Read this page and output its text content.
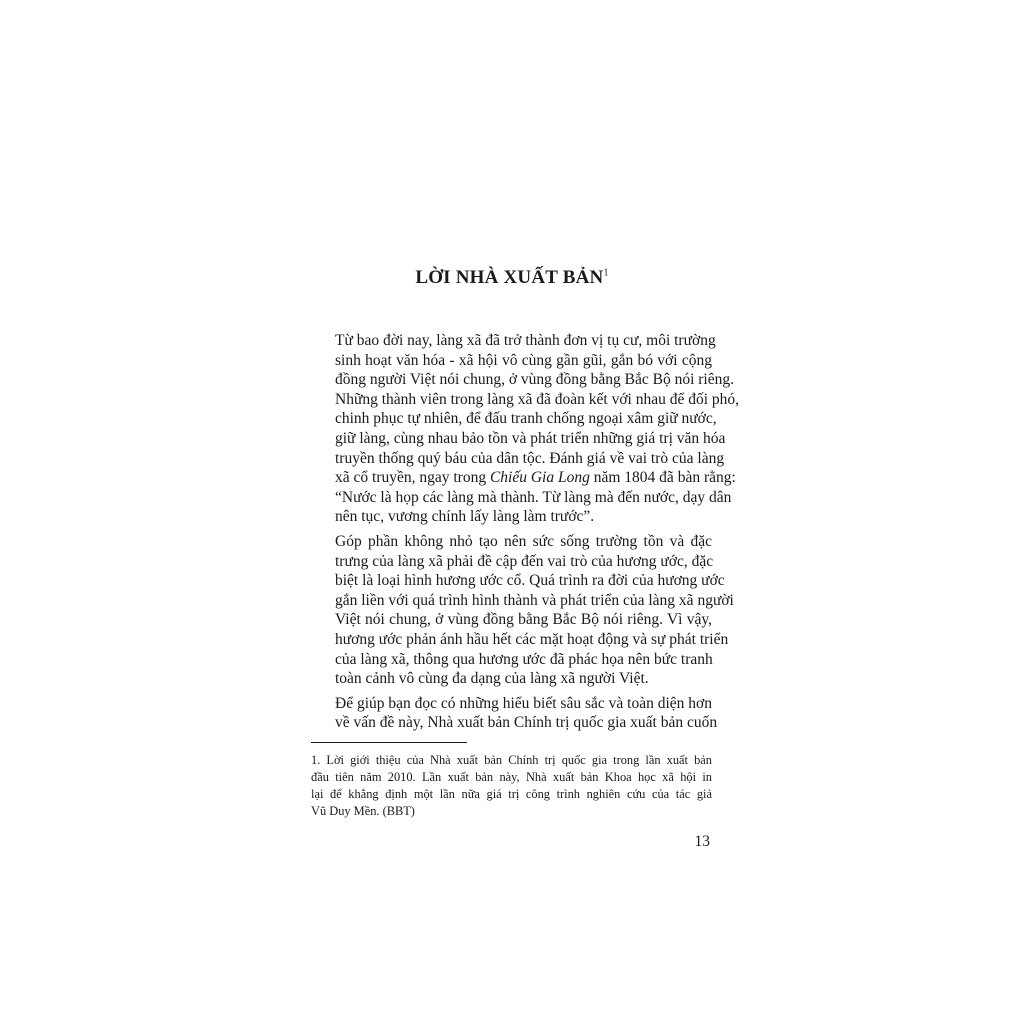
LỜI NHÀ XUẤT BẢN$^1$

Từ bao đời nay, làng xã đã trở thành đơn vị tụ cư, môi trường
sinh hoạt văn hóa - xã hội vô cùng gần gũi, gắn bó với cộng
đồng người Việt nói chung, ở vùng đồng bằng Bắc Bộ nói riêng.
Những thành viên trong làng xã đã đoàn kết với nhau để đối phó,
chinh phục tự nhiên, để đấu tranh chống ngoại xâm giữ nước,
giữ làng, cùng nhau bảo tồn và phát triển những giá trị văn hóa
truyền thống quý báu của dân tộc. Đánh giá về vai trò của làng
xã cổ truyền, ngay trong Chiếu Gia Long năm 1804 đã bàn rằng:
“Nước là họp các làng mà thành. Từ làng mà đến nước, dạy dân
nên tục, vương chính lấy làng làm trước”.

Góp phần không nhỏ tạo nên sức sống trường tồn và đặc
trưng của làng xã phải đề cập đến vai trò của hương ước, đặc
biệt là loại hình hương ước cổ. Quá trình ra đời của hương ước
gắn liền với quá trình hình thành và phát triển của làng xã người
Việt nói chung, ở vùng đồng bằng Bắc Bộ nói riêng. Vì vậy,
hương ước phản ánh hầu hết các mặt hoạt động và sự phát triển
của làng xã, thông qua hương ước đã phác họa nên bức tranh
toàn cảnh vô cùng đa dạng của làng xã người Việt.

Để giúp bạn đọc có những hiểu biết sâu sắc và toàn diện hơn
về vấn đề này, Nhà xuất bản Chính trị quốc gia xuất bản cuốn

1. Lời giới thiệu của Nhà xuất bản Chính trị quốc gia trong lần xuất bản
đầu tiên năm 2010. Lần xuất bản này, Nhà xuất bản Khoa học xã hội in
lại để khẳng định một lần nữa giá trị công trình nghiên cứu của tác giả
Vũ Duy Mền. (BBT)
13
